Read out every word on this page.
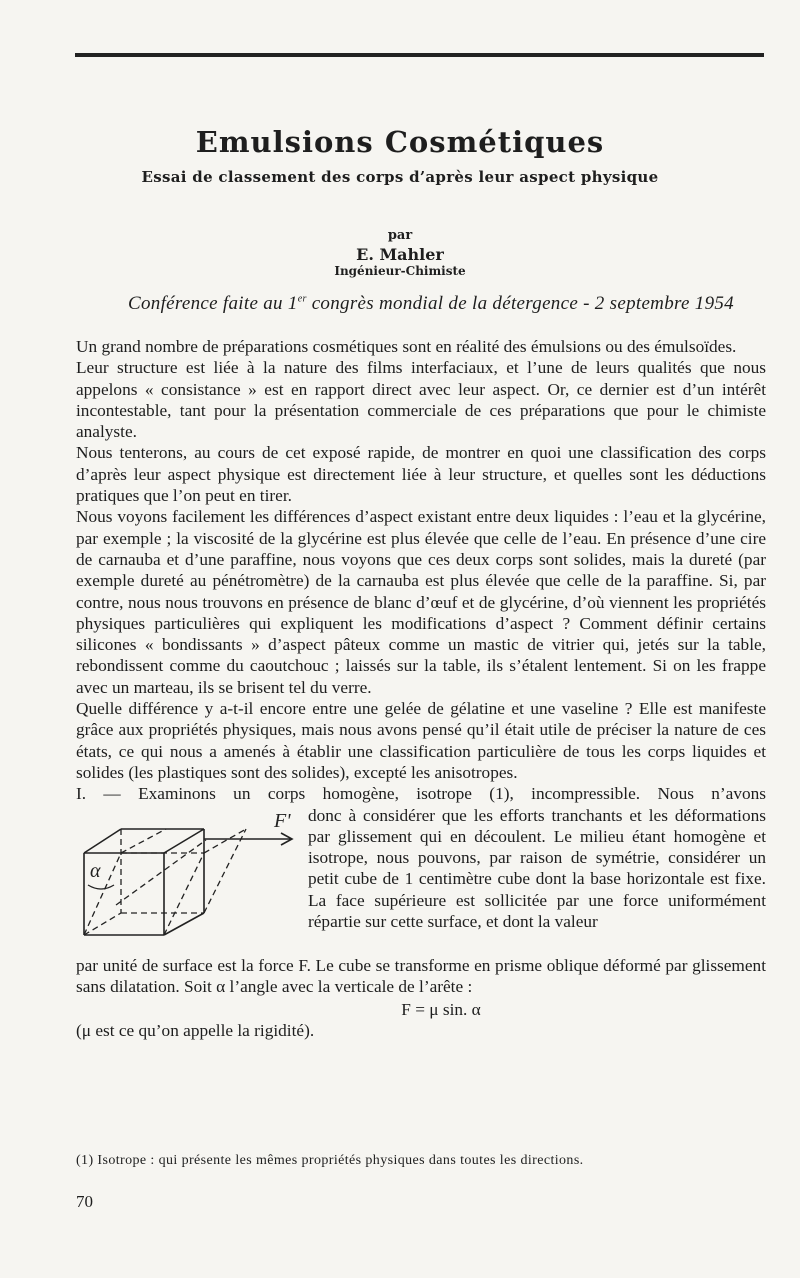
Emulsions Cosmétiques
Essai de classement des corps d’après leur aspect physique
par
E. Mahler
Ingénieur-Chimiste
Conférence faite au 1er congrès mondial de la détergence - 2 septembre 1954

Un grand nombre de préparations cosmétiques sont en réalité des émulsions ou des émulsoïdes.

Leur structure est liée à la nature des films interfaciaux, et l’une de leurs qualités que nous appelons « consistance » est en rapport direct avec leur aspect. Or, ce dernier est d’un intérêt incontestable, tant pour la présentation commerciale de ces préparations que pour le chimiste analyste.

Nous tenterons, au cours de cet exposé rapide, de montrer en quoi une classification des corps d’après leur aspect physique est directement liée à leur structure, et quelles sont les déductions pratiques que l’on peut en tirer.

Nous voyons facilement les différences d’aspect existant entre deux liquides : l’eau et la glycérine, par exemple ; la viscosité de la glycérine est plus élevée que celle de l’eau. En présence d’une cire de carnauba et d’une paraffine, nous voyons que ces deux corps sont solides, mais la dureté (par exemple dureté au pénétromètre) de la carnauba est plus élevée que celle de la paraffine. Si, par contre, nous nous trouvons en présence de blanc d’œuf et de glycérine, d’où viennent les propriétés physiques particulières qui expliquent les modifications d’aspect ? Comment définir certains silicones « bondissants » d’aspect pâteux comme un mastic de vitrier qui, jetés sur la table, rebondissent comme du caoutchouc ; laissés sur la table, ils s’étalent lentement. Si on les frappe avec un marteau, ils se brisent tel du verre.

Quelle différence y a-t-il encore entre une gelée de gélatine et une vaseline ? Elle est manifeste grâce aux propriétés physiques, mais nous avons pensé qu’il était utile de préciser la nature de ces états, ce qui nous a amenés à établir une classification particulière de tous les corps liquides et solides (les plastiques sont des solides), excepté les anisotropes.

I. — Examinons un corps homogène, isotrope (1), incompressible. Nous n’avons

α
F' donc à considérer que les efforts tranchants et les déformations par glissement qui en découlent. Le milieu étant homogène et isotrope, nous pouvons, par raison de symétrie, considérer un petit cube de 1 centimètre cube dont la base horizontale est fixe. La face supérieure est sollicitée par une force uniformément répartie sur cette surface, et dont la valeur

par unité de surface est la force F. Le cube se transforme en prisme oblique déformé par glissement sans dilatation. Soit α l’angle avec la verticale de l’arête :

F = μ sin. α

(μ est ce qu’on appelle la rigidité).

(1) Isotrope : qui présente les mêmes propriétés physiques dans toutes les directions.
70
